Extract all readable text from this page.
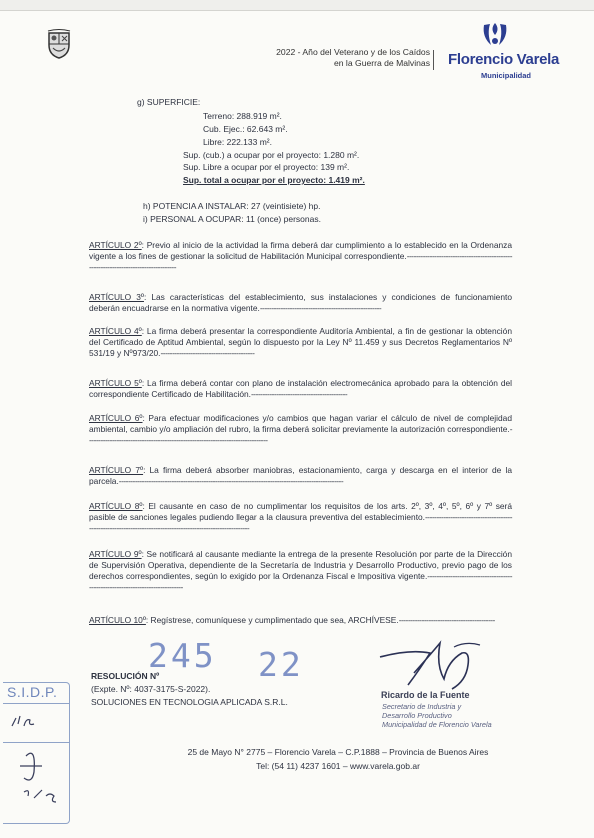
2022 - Año del Veterano y de los Caídos
en la Guerra de Malvinas Florencio Varela
Municipalidad
g) SUPERFICIE:
Terreno: 288.919 m².
Cub. Ejec.: 62.643 m².
Libre: 222.133 m².
Sup. (cub.) a ocupar por el proyecto: 1.280 m².
Sup. Libre a ocupar por el proyecto: 139 m².
Sup. total a ocupar por el proyecto: 1.419 m².
h) POTENCIA A INSTALAR: 27 (veintisiete) hp.
i) PERSONAL A OCUPAR: 11 (once) personas.
ARTÍCULO 2º: Previo al inicio de la actividad la firma deberá dar cumplimiento a lo establecido en la Ordenanza vigente a los fines de gestionar la solicitud de Habilitación Municipal correspondiente.------------------------------------------------------------------------------------
ARTÍCULO 3º: Las características del establecimiento, sus instalaciones y condiciones de funcionamiento deberán encuadrarse en la normativa vigente.-----------------------------------------------------
ARTÍCULO 4º: La firma deberá presentar la correspondiente Auditoría Ambiental, a fin de gestionar la obtención del Certificado de Aptitud Ambiental, según lo dispuesto por la Ley Nº 11.459 y sus Decretos Reglamentarios Nº 531/19 y Nº973/20.-----------------------------------------
ARTÍCULO 5º: La firma deberá contar con plano de instalación electromecánica aprobado para la obtención del correspondiente Certificado de Habilitación.------------------------------------------
ARTÍCULO 6º: Para efectuar modificaciones y/o cambios que hagan variar el cálculo de nivel de complejidad ambiental, cambio y/o ampliación del rubro, la firma deberá solicitar previamente la autorización correspondiente.-------------------------------------------------------------------------------
ARTÍCULO 7º: La firma deberá absorber maniobras, estacionamiento, carga y descarga en el interior de la parcela.--------------------------------------------------------------------------------------------------
ARTÍCULO 8º: El causante en caso de no cumplimentar los requisitos de los arts. 2º, 3º, 4º, 5º, 6º y 7º será pasible de sanciones legales pudiendo llegar a la clausura preventiva del establecimiento.------------------------------------------------------------------------------------------------------------
ARTÍCULO 9º: Se notificará al causante mediante la entrega de la presente Resolución por parte de la Dirección de Supervisión Operativa, dependiente de la Secretaría de Industria y Desarrollo Productivo, previo pago de los derechos correspondientes, según lo exigido por la Ordenanza Fiscal e Impositiva vigente.------------------------------------------------------------------------------
ARTÍCULO 10º: Regístrese, comuníquese y cumplimentado que sea, ARCHÍVESE.------------------------------------------
RESOLUCIÓN Nº
245 22
(Expte. Nº: 4037-3175-S-2022).
SOLUCIONES EN TECNOLOGIA APLICADA S.R.L.
Ricardo de la Fuente
Secretario de Industria y
Desarrollo Productivo
Municipalidad de Florencio Varela
S.I.D.P.
25 de Mayo N° 2775 – Florencio Varela – C.P.1888 – Provincia de Buenos Aires
Tel: (54 11) 4237 1601 – www.varela.gob.ar
